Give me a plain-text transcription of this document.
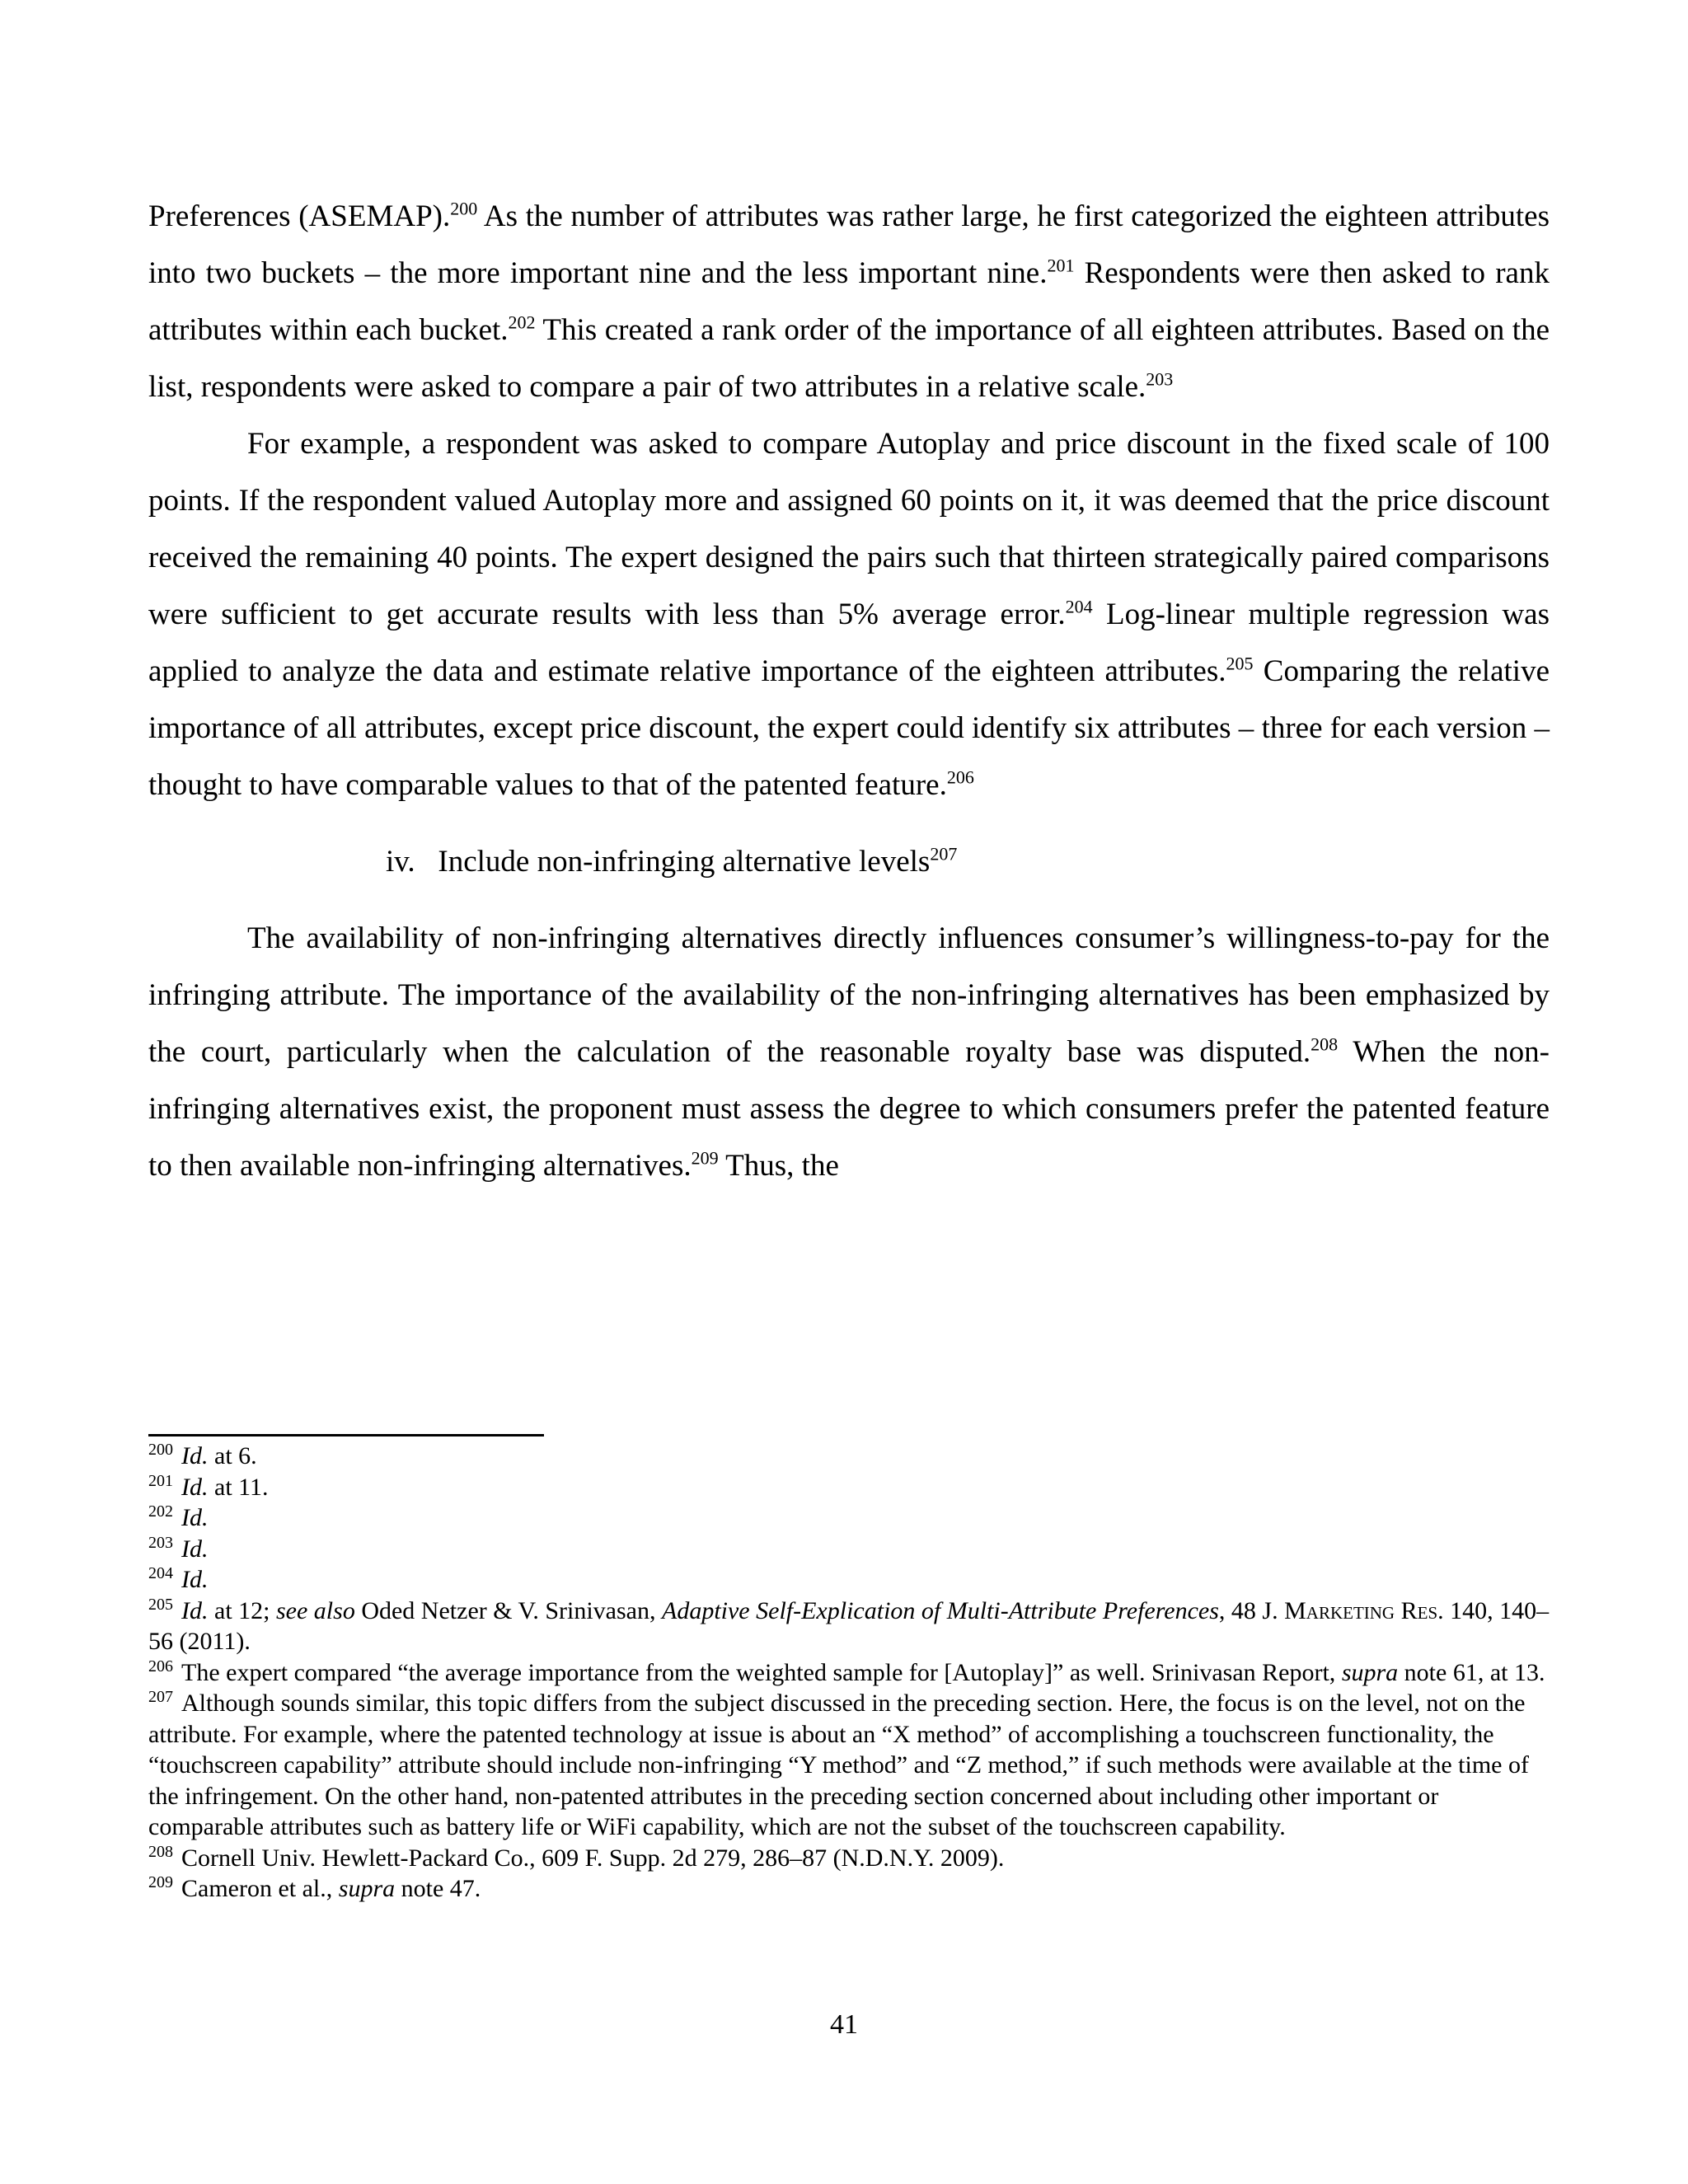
Preferences (ASEMAP).$^{200}$ As the number of attributes was rather large, he first categorized the eighteen attributes into two buckets – the more important nine and the less important nine.$^{201}$ Respondents were then asked to rank attributes within each bucket.$^{202}$ This created a rank order of the importance of all eighteen attributes. Based on the list, respondents were asked to compare a pair of two attributes in a relative scale.$^{203}$

For example, a respondent was asked to compare Autoplay and price discount in the fixed scale of 100 points. If the respondent valued Autoplay more and assigned 60 points on it, it was deemed that the price discount received the remaining 40 points. The expert designed the pairs such that thirteen strategically paired comparisons were sufficient to get accurate results with less than 5% average error.$^{204}$ Log-linear multiple regression was applied to analyze the data and estimate relative importance of the eighteen attributes.$^{205}$ Comparing the relative importance of all attributes, except price discount, the expert could identify six attributes – three for each version – thought to have comparable values to that of the patented feature.$^{206}$

iv.   Include non-infringing alternative levels$^{207}$

The availability of non-infringing alternatives directly influences consumer’s willingness-to-pay for the infringing attribute. The importance of the availability of the non-infringing alternatives has been emphasized by the court, particularly when the calculation of the reasonable royalty base was disputed.$^{208}$ When the non-infringing alternatives exist, the proponent must assess the degree to which consumers prefer the patented feature to then available non-infringing alternatives.$^{209}$ Thus, the

$^{200}$ Id. at 6.

$^{201}$ Id. at 11.

$^{202}$ Id.

$^{203}$ Id.

$^{204}$ Id.

$^{205}$ Id. at 12; see also Oded Netzer & V. Srinivasan, Adaptive Self-Explication of Multi-Attribute Preferences, 48 J. Marketing Res. 140, 140–56 (2011).

$^{206}$ The expert compared “the average importance from the weighted sample for [Autoplay]” as well. Srinivasan Report, supra note 61, at 13.

$^{207}$ Although sounds similar, this topic differs from the subject discussed in the preceding section. Here, the focus is on the level, not on the attribute. For example, where the patented technology at issue is about an “X method” of accomplishing a touchscreen functionality, the “touchscreen capability” attribute should include non-infringing “Y method” and “Z method,” if such methods were available at the time of the infringement. On the other hand, non-patented attributes in the preceding section concerned about including other important or comparable attributes such as battery life or WiFi capability, which are not the subset of the touchscreen capability.

$^{208}$ Cornell Univ. Hewlett-Packard Co., 609 F. Supp. 2d 279, 286–87 (N.D.N.Y. 2009).

$^{209}$ Cameron et al., supra note 47.

41
